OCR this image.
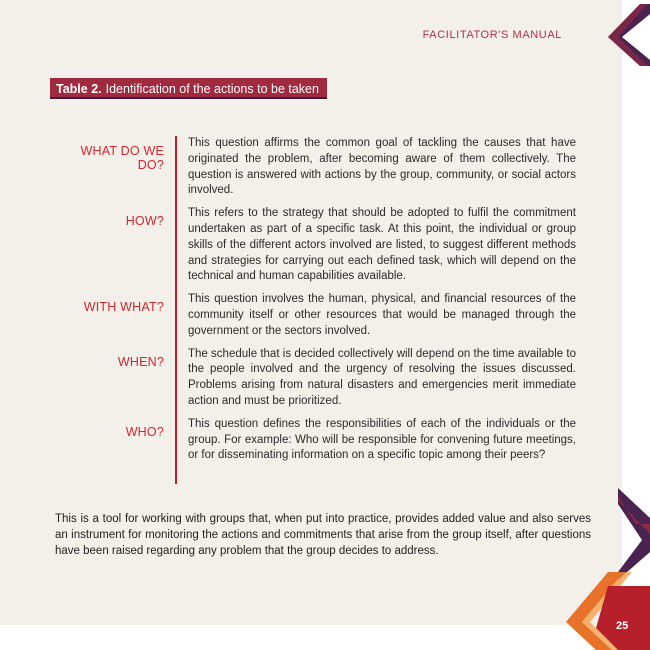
FACILITATOR'S MANUAL
Table 2. Identification of the actions to be taken
WHAT DO WE DO?
This question affirms the common goal of tackling the causes that have originated the problem, after becoming aware of them collectively. The question is answered with actions by the group, community, or social actors involved.
HOW?
This refers to the strategy that should be adopted to fulfil the commitment undertaken as part of a specific task. At this point, the individual or group skills of the different actors involved are listed, to suggest different methods and strategies for carrying out each defined task, which will depend on the technical and human capabilities available.
WITH WHAT?
This question involves the human, physical, and financial resources of the community itself or other resources that would be managed through the government or the sectors involved.
WHEN?
The schedule that is decided collectively will depend on the time available to the people involved and the urgency of resolving the issues discussed. Problems arising from natural disasters and emergencies merit immediate action and must be prioritized.
WHO?
This question defines the responsibilities of each of the individuals or the group. For example: Who will be responsible for convening future meetings, or for disseminating information on a specific topic among their peers?
This is a tool for working with groups that, when put into practice, provides added value and also serves an instrument for monitoring the actions and commitments that arise from the group itself, after questions have been raised regarding any problem that the group decides to address.
25
